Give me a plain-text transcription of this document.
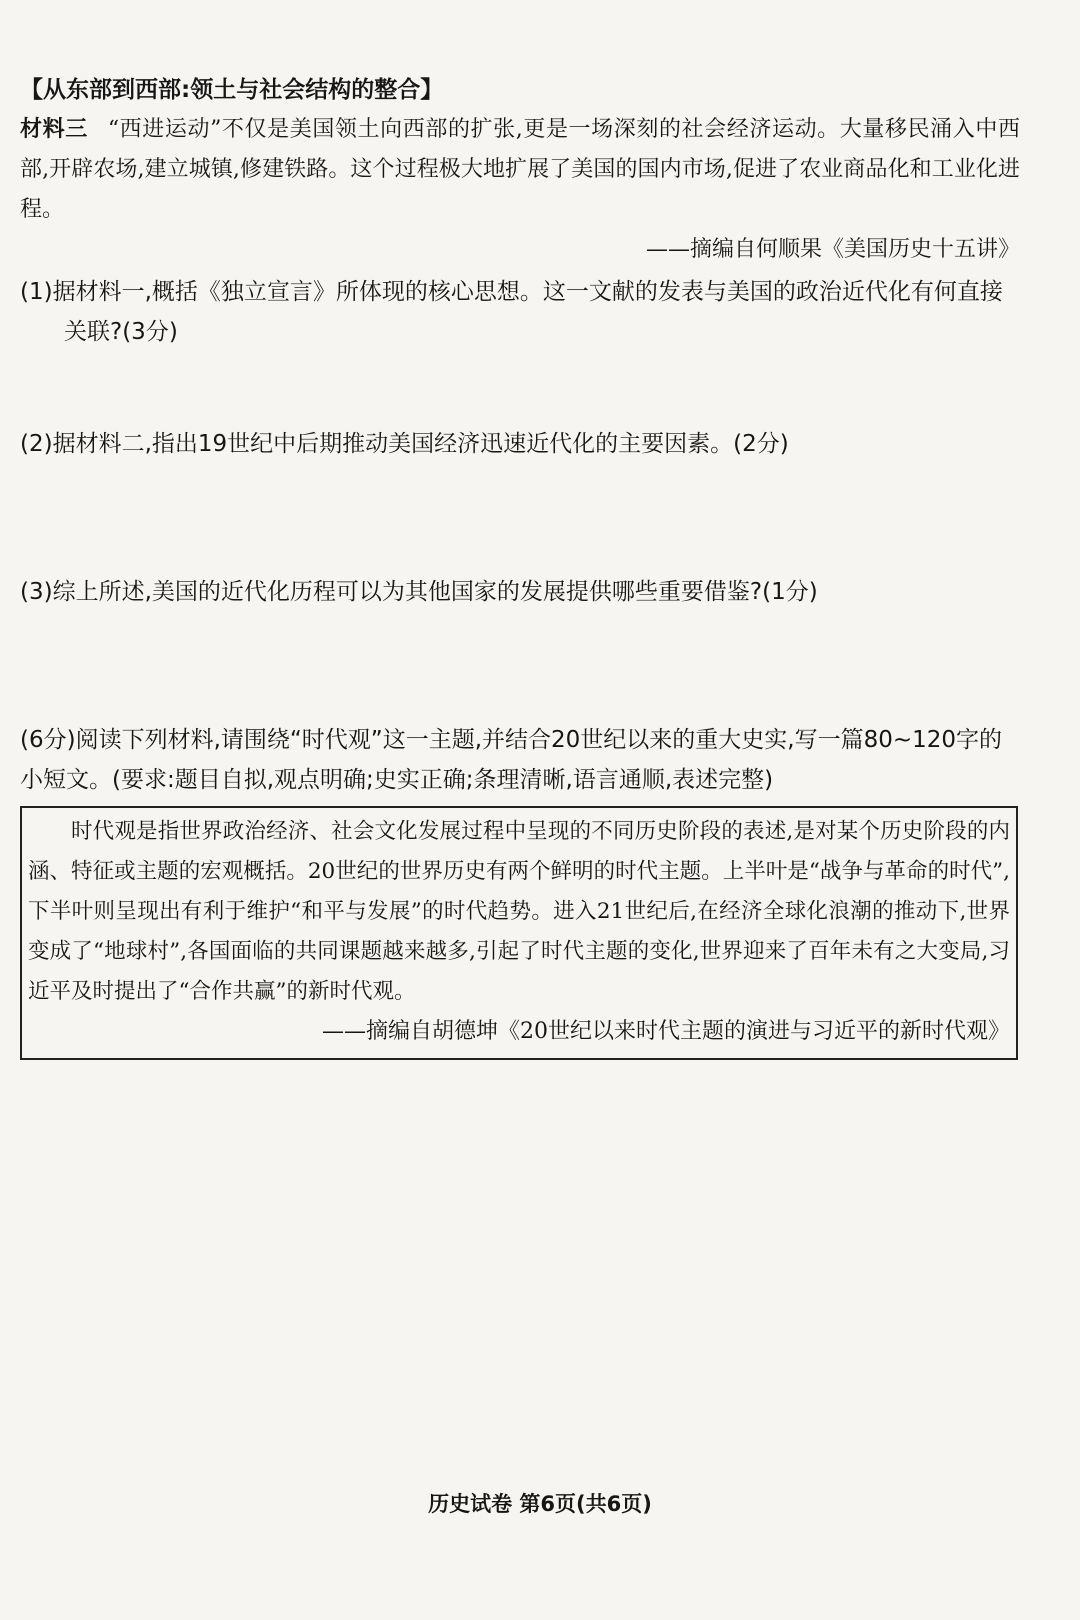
【从东部到西部:领土与社会结构的整合】

材料三 “西进运动”不仅是美国领土向西部的扩张,更是一场深刻的社会经济运动。大量移民涌入中西部,开辟农场,建立城镇,修建铁路。这个过程极大地扩展了美国的国内市场,促进了农业商品化和工业化进程。

——摘编自何顺果《美国历史十五讲》

(1)据材料一,概括《独立宣言》所体现的核心思想。这一文献的发表与美国的政治近代化有何直接关联?(3分)

(2)据材料二,指出19世纪中后期推动美国经济迅速近代化的主要因素。(2分)

(3)综上所述,美国的近代化历程可以为其他国家的发展提供哪些重要借鉴?(1分)

(6分)阅读下列材料,请围绕“时代观”这一主题,并结合20世纪以来的重大史实,写一篇80~120字的小短文。(要求:题目自拟,观点明确;史实正确;条理清晰,语言通顺,表述完整)

时代观是指世界政治经济、社会文化发展过程中呈现的不同历史阶段的表述,是对某个历史阶段的内涵、特征或主题的宏观概括。20世纪的世界历史有两个鲜明的时代主题。上半叶是“战争与革命的时代”,下半叶则呈现出有利于维护“和平与发展”的时代趋势。进入21世纪后,在经济全球化浪潮的推动下,世界变成了“地球村”,各国面临的共同课题越来越多,引起了时代主题的变化,世界迎来了百年未有之大变局,习近平及时提出了“合作共赢”的新时代观。

——摘编自胡德坤《20世纪以来时代主题的演进与习近平的新时代观》

历史试卷 第6页(共6页)
